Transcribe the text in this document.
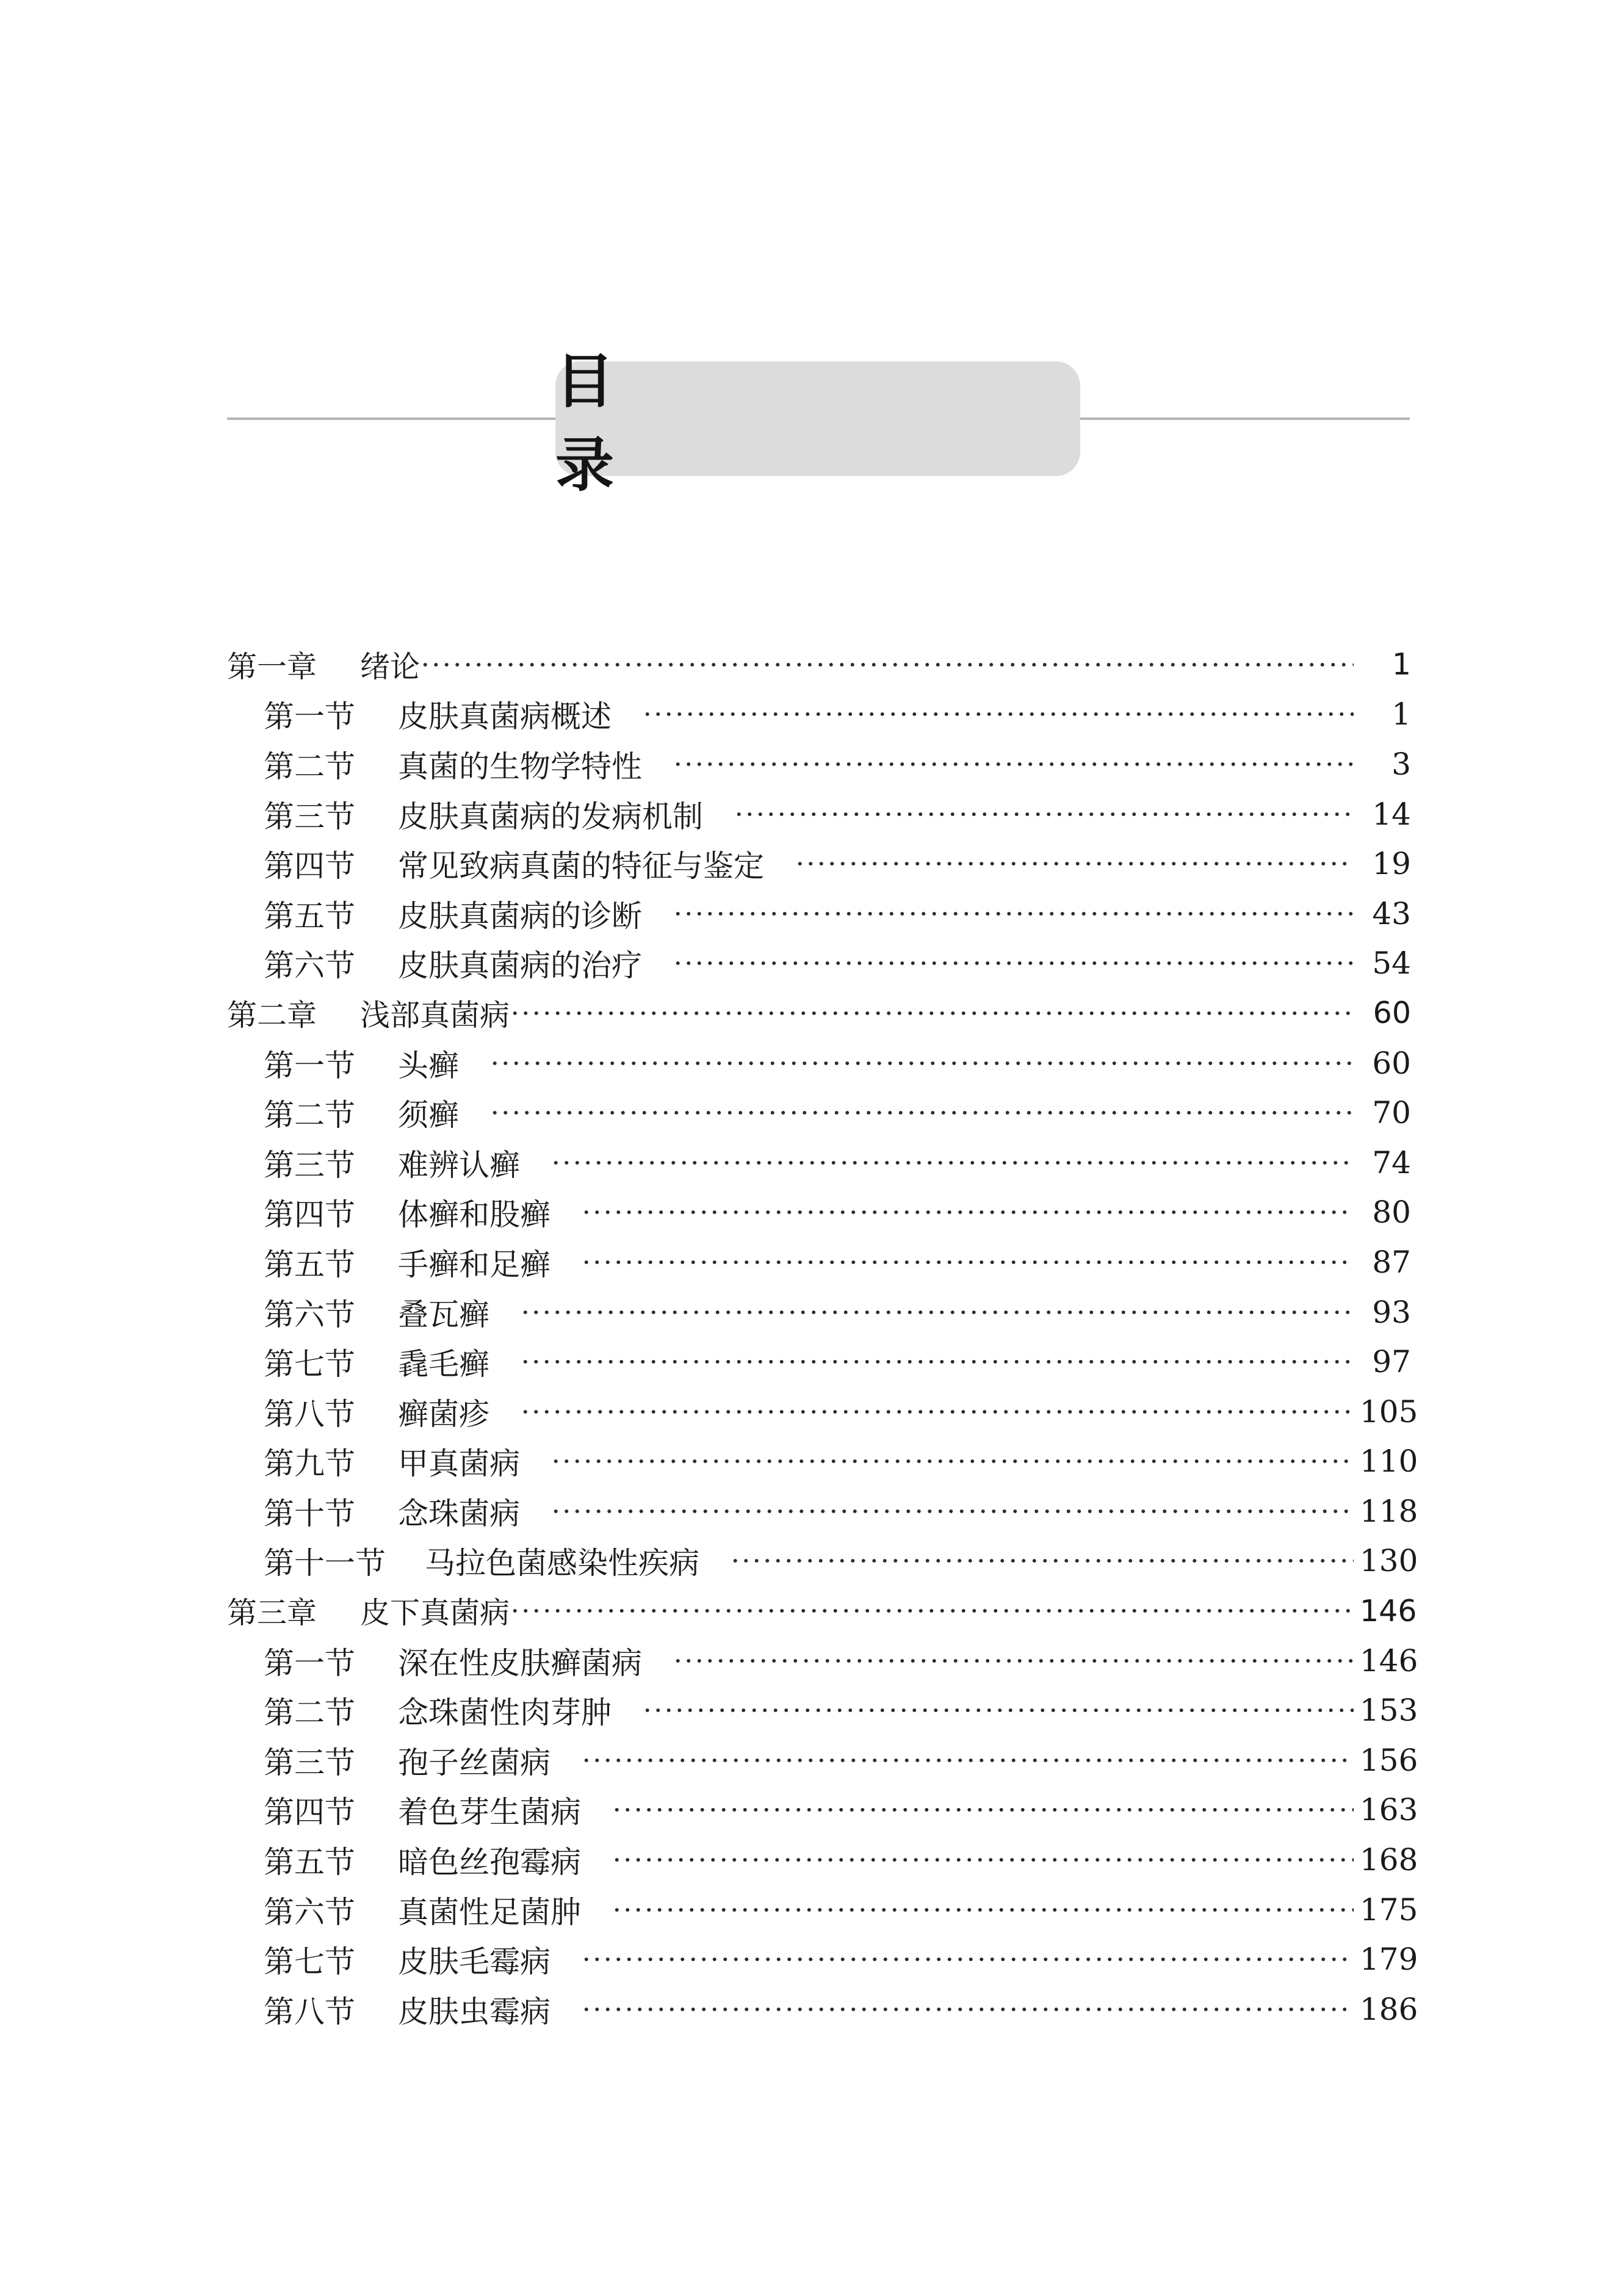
目　　录
第一章	绪论	1
第一节	皮肤真菌病概述	1
第二节	真菌的生物学特性	3
第三节	皮肤真菌病的发病机制	14
第四节	常见致病真菌的特征与鉴定	19
第五节	皮肤真菌病的诊断	43
第六节	皮肤真菌病的治疗	54
第二章	浅部真菌病	60
第一节	头癣	60
第二节	须癣	70
第三节	难辨认癣	74
第四节	体癣和股癣	80
第五节	手癣和足癣	87
第六节	叠瓦癣	93
第七节	毳毛癣	97
第八节	癣菌疹	105
第九节	甲真菌病	110
第十节	念珠菌病	118
第十一节	马拉色菌感染性疾病	130
第三章	皮下真菌病	146
第一节	深在性皮肤癣菌病	146
第二节	念珠菌性肉芽肿	153
第三节	孢子丝菌病	156
第四节	着色芽生菌病	163
第五节	暗色丝孢霉病	168
第六节	真菌性足菌肿	175
第七节	皮肤毛霉病	179
第八节	皮肤虫霉病	186
